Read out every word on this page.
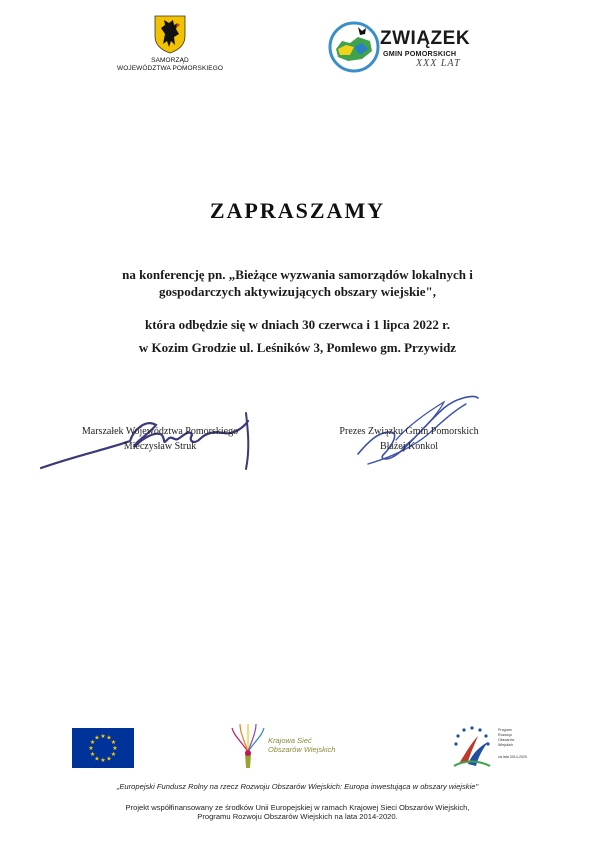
SAMORZĄD
WOJEWÓDZTWA POMORSKIEGO
ZWIĄZEK
GMIN POMORSKICH
XXX LAT
ZAPRASZAMY
na konferencję pn. „Bieżące wyzwania samorządów lokalnych i
gospodarczych aktywizujących obszary wiejskie",
która odbędzie się w dniach 30 czerwca i 1 lipca 2022 r.
w Kozim Grodzie ul. Leśników 3, Pomlewo gm. Przywidz
Marszałek Województwa Pomorskiego
Mieczysław Struk
Prezes Związku Gmin Pomorskich
Błażej Konkol
★ ★
★
★
★
★
★
★
★
★
★
★	Krajowa Sieć
Obszarów Wiejskich
Program
Rozwoju
Obszarów
Wiejskich
na lata 2014-2020
„Europejski Fundusz Rolny na rzecz Rozwoju Obszarów Wiejskich: Europa inwestująca w obszary wiejskie"
Projekt współfinansowany ze środków Unii Europejskiej w ramach Krajowej Sieci Obszarów Wiejskich,
Programu Rozwoju Obszarów Wiejskich na lata 2014-2020.
